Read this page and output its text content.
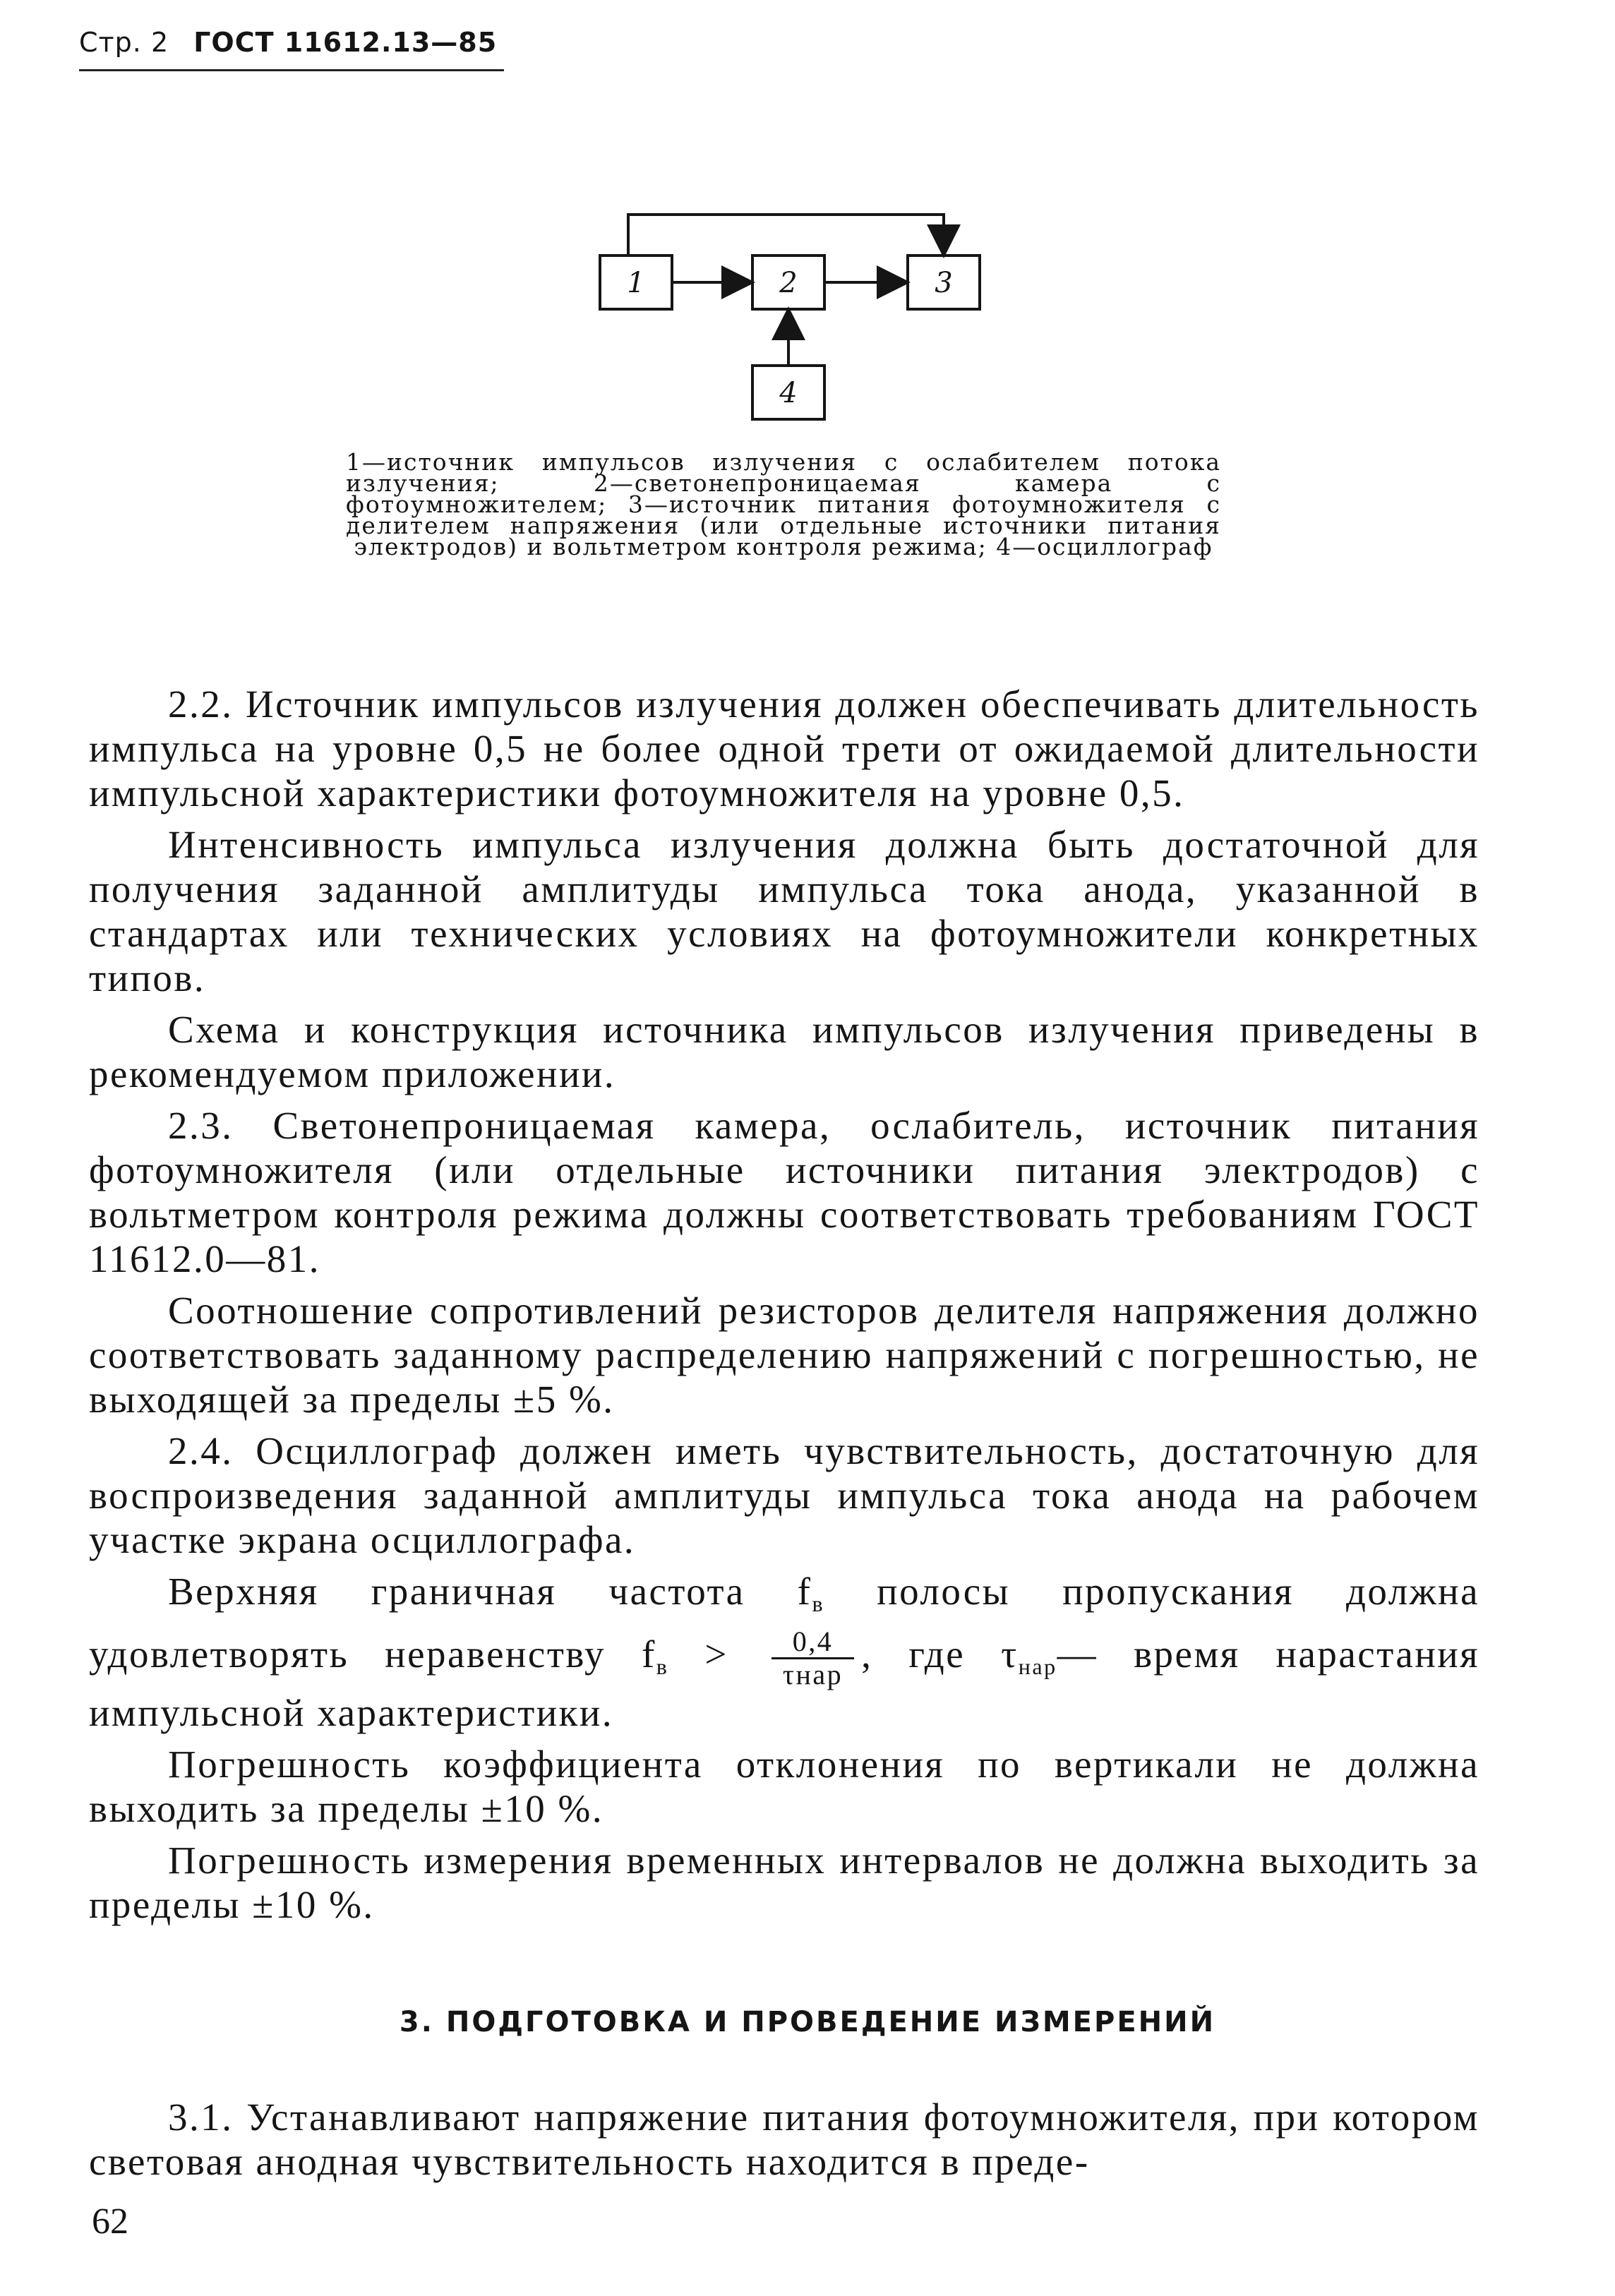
Стр. 2 ГОСТ 11612.13—85
1	2	3
4
1—источник импульсов излучения с ослабителем потока излучения; 2—светонепроницаемая камера с фотоумножителем; 3—источник питания фотоумножителя с делителем напряжения (или отдельные источники питания электродов) и вольтметром контроля режима; 4—осциллограф

2.2. Источник импульсов излучения должен обеспечивать длительность импульса на уровне 0,5 не более одной трети от ожидаемой длительности импульсной характеристики фотоумножителя на уровне 0,5.

Интенсивность импульса излучения должна быть достаточной для получения заданной амплитуды импульса тока анода, указанной в стандартах или технических условиях на фотоумножители конкретных типов.

Схема и конструкция источника импульсов излучения приведены в рекомендуемом приложении.

2.3. Светонепроницаемая камера, ослабитель, источник питания фотоумножителя (или отдельные источники питания электродов) с вольтметром контроля режима должны соответствовать требованиям ГОСТ 11612.0—81.

Соотношение сопротивлений резисторов делителя напряжения должно соответствовать заданному распределению напряжений с погрешностью, не выходящей за пределы ±5 %.

2.4. Осциллограф должен иметь чувствительность, достаточную для воспроизведения заданной амплитуды импульса тока анода на рабочем участке экрана осциллографа.

Верхняя граничная частота $f_в$ полосы пропускания должна удовлетворять неравенству $f_в > \frac{0,4}{\text{τнар}}$ , где $\tau_{нар}—$ время нарастания импульсной характеристики.

Погрешность коэффициента отклонения по вертикали не должна выходить за пределы ±10 %.

Погрешность измерения временных интервалов не должна выходить за пределы ±10 %.

3. ПОДГОТОВКА И ПРОВЕДЕНИЕ ИЗМЕРЕНИЙ

3.1. Устанавливают напряжение питания фотоумножителя, при котором световая анодная чувствительность находится в преде-

62
